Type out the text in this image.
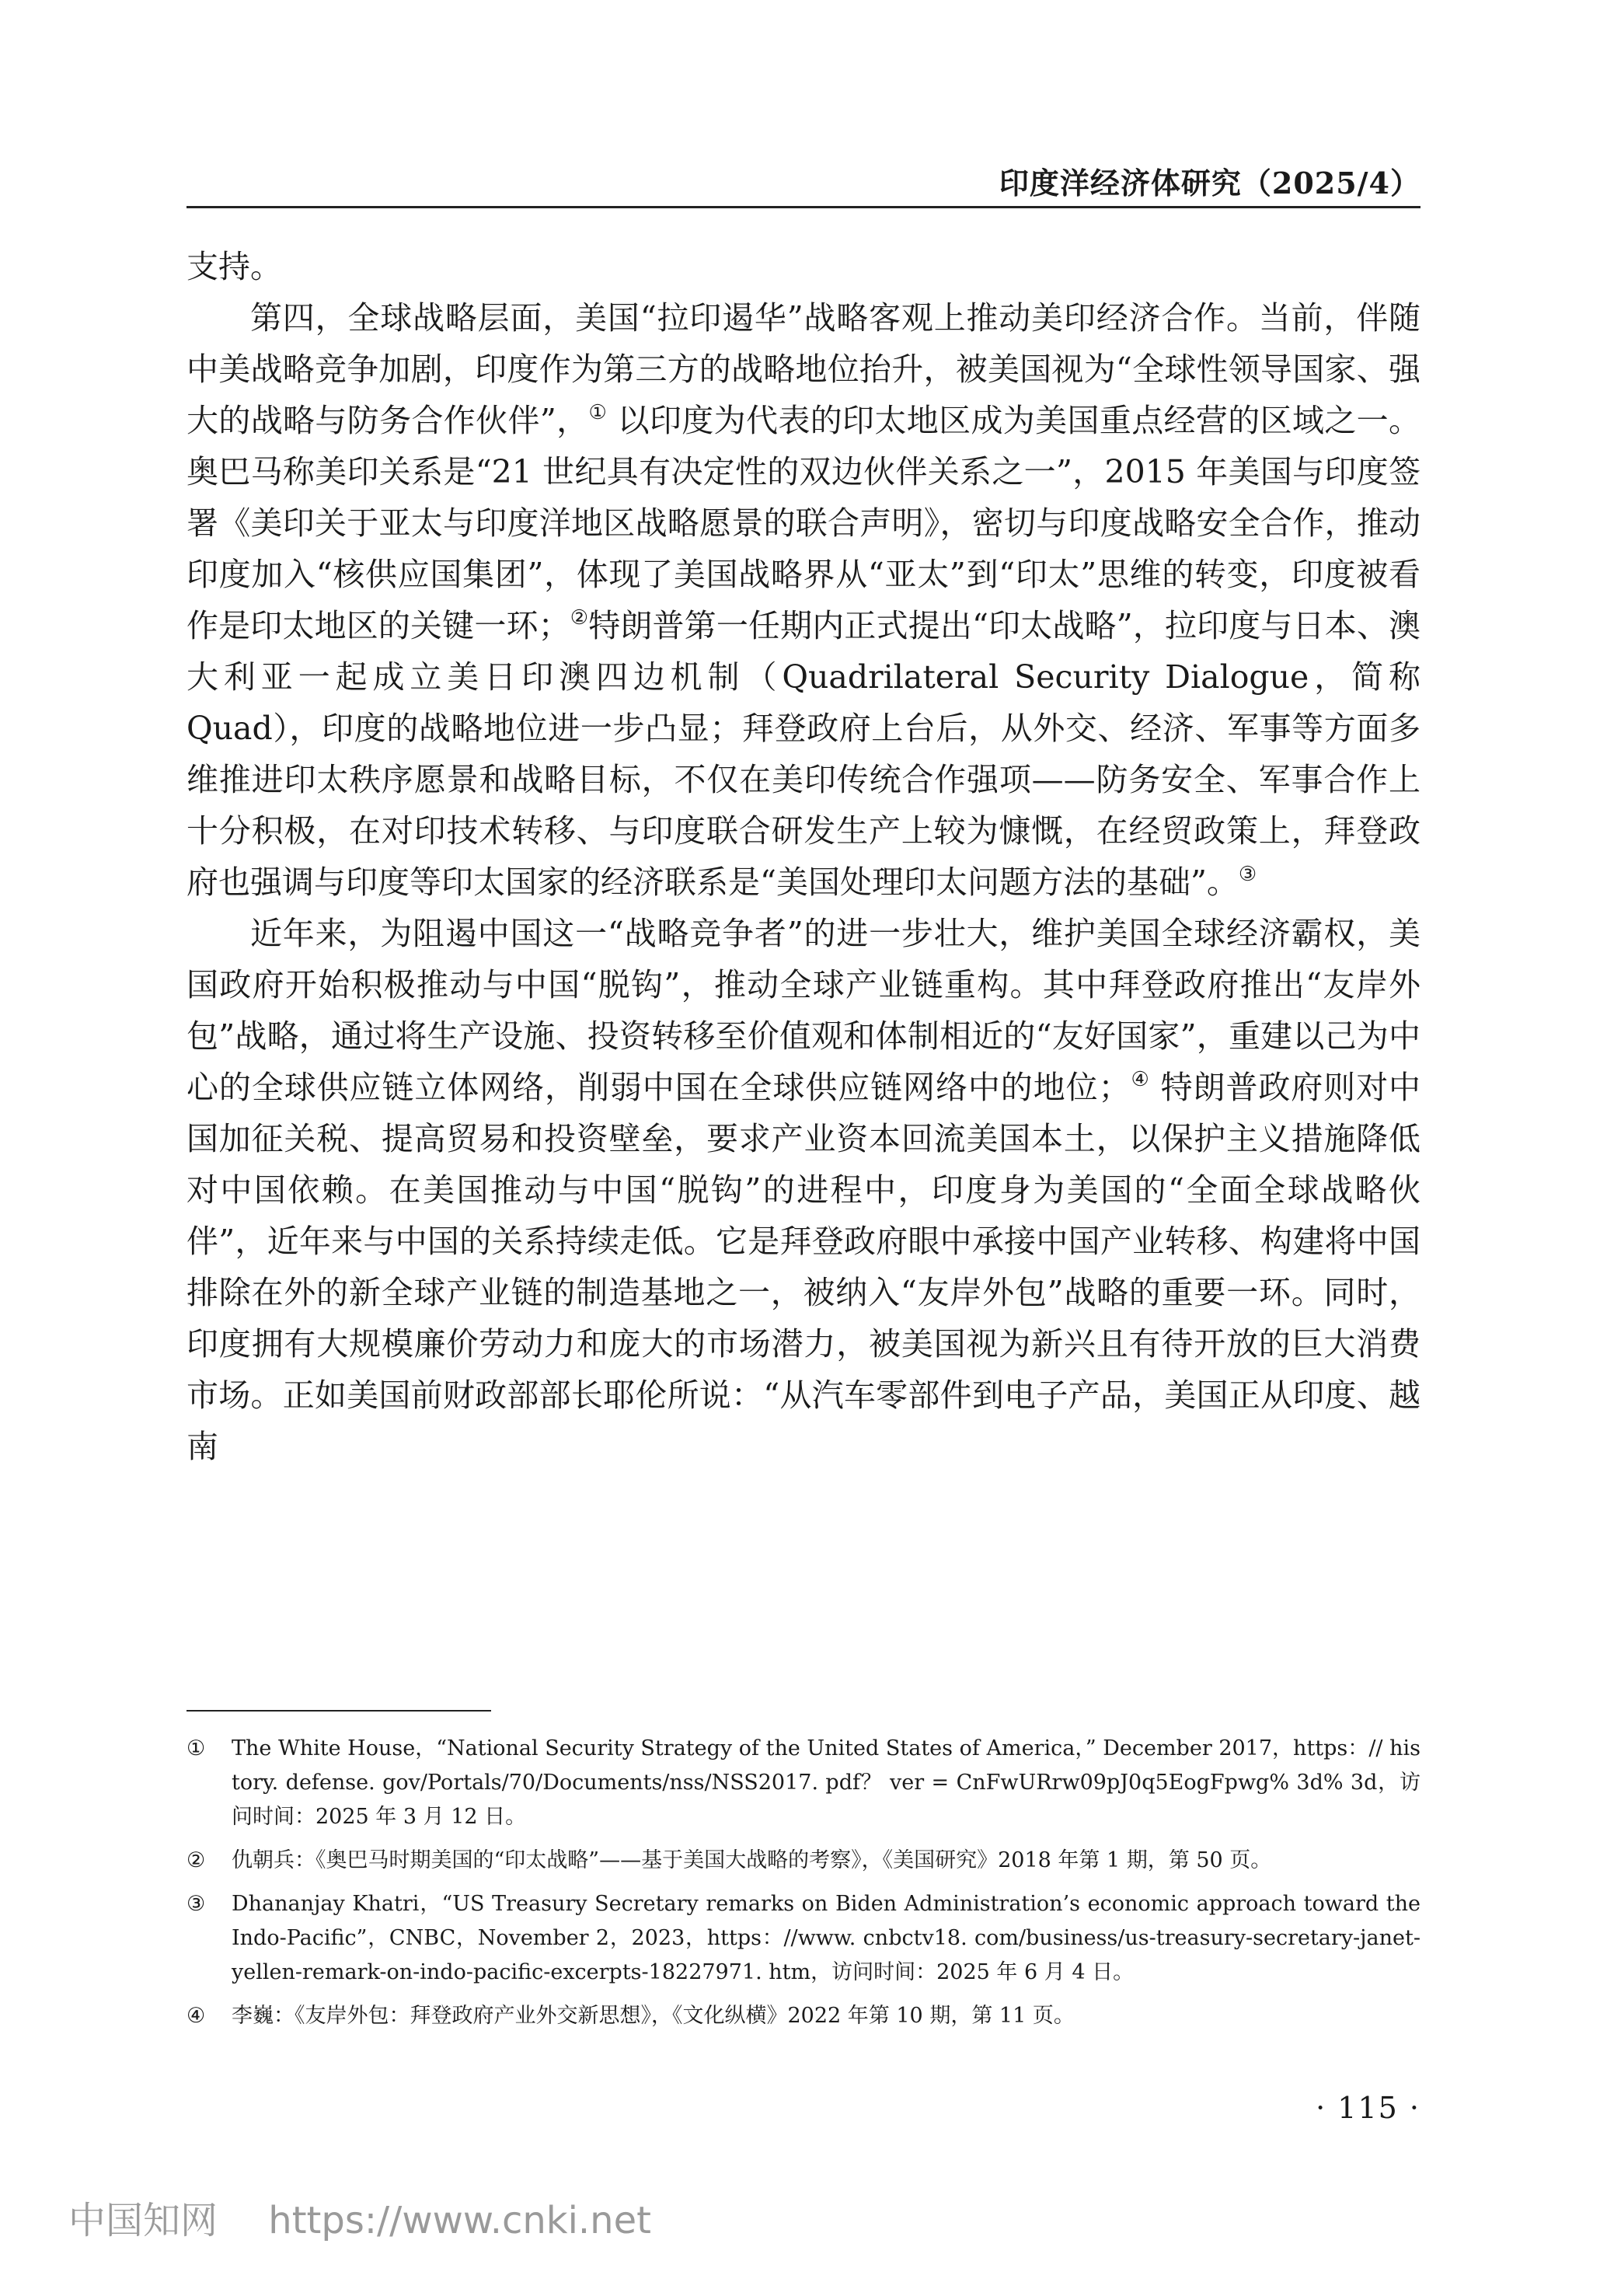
印度洋经济体研究（2025/4）

支持。

第四，全球战略层面，美国“拉印遏华”战略客观上推动美印经济合作。当前，伴随中美战略竞争加剧，印度作为第三方的战略地位抬升，被美国视为“全球性领导国家、强大的战略与防务合作伙伴”，① 以印度为代表的印太地区成为美国重点经营的区域之一。奥巴马称美印关系是“21 世纪具有决定性的双边伙伴关系之一”，2015 年美国与印度签署《美印关于亚太与印度洋地区战略愿景的联合声明》，密切与印度战略安全合作，推动印度加入“核供应国集团”，体现了美国战略界从“亚太”到“印太”思维的转变，印度被看作是印太地区的关键一环；②特朗普第一任期内正式提出“印太战略”，拉印度与日本、澳大利亚一起成立美日印澳四边机制（Quadrilateral Security Dialogue，简称 Quad），印度的战略地位进一步凸显；拜登政府上台后，从外交、经济、军事等方面多维推进印太秩序愿景和战略目标，不仅在美印传统合作强项——防务安全、军事合作上十分积极，在对印技术转移、与印度联合研发生产上较为慷慨，在经贸政策上，拜登政府也强调与印度等印太国家的经济联系是“美国处理印太问题方法的基础”。③

近年来，为阻遏中国这一“战略竞争者”的进一步壮大，维护美国全球经济霸权，美国政府开始积极推动与中国“脱钩”，推动全球产业链重构。其中拜登政府推出“友岸外包”战略，通过将生产设施、投资转移至价值观和体制相近的“友好国家”，重建以己为中心的全球供应链立体网络，削弱中国在全球供应链网络中的地位；④ 特朗普政府则对中国加征关税、提高贸易和投资壁垒，要求产业资本回流美国本土，以保护主义措施降低对中国依赖。在美国推动与中国“脱钩”的进程中，印度身为美国的“全面全球战略伙伴”，近年来与中国的关系持续走低。它是拜登政府眼中承接中国产业转移、构建将中国排除在外的新全球产业链的制造基地之一，被纳入“友岸外包”战略的重要一环。同时，印度拥有大规模廉价劳动力和庞大的市场潜力，被美国视为新兴且有待开放的巨大消费市场。正如美国前财政部部长耶伦所说：“从汽车零部件到电子产品，美国正从印度、越南

① The White House，“National Security Strategy of the United States of America，” December 2017，https：// history. defense. gov/Portals/70/Documents/nss/NSS2017. pdf？ ver = CnFwURrw09pJ0q5EogFpwg% 3d% 3d，访问时间：2025 年 3 月 12 日。
② 仇朝兵：《奥巴马时期美国的“印太战略”——基于美国大战略的考察》，《美国研究》2018 年第 1 期，第 50 页。
③ Dhananjay Khatri，“US Treasury Secretary remarks on Biden Administration’s economic approach toward the Indo-Pacific”，CNBC，November 2，2023，https：//www. cnbctv18. com/business/us-treasury-secretary-janet-yellen-remark-on-indo-pacific-excerpts-18227971. htm，访问时间：2025 年 6 月 4 日。
④ 李巍：《友岸外包：拜登政府产业外交新思想》，《文化纵横》2022 年第 10 期，第 11 页。
· 115 ·
中国知网 https://www.cnki.net
